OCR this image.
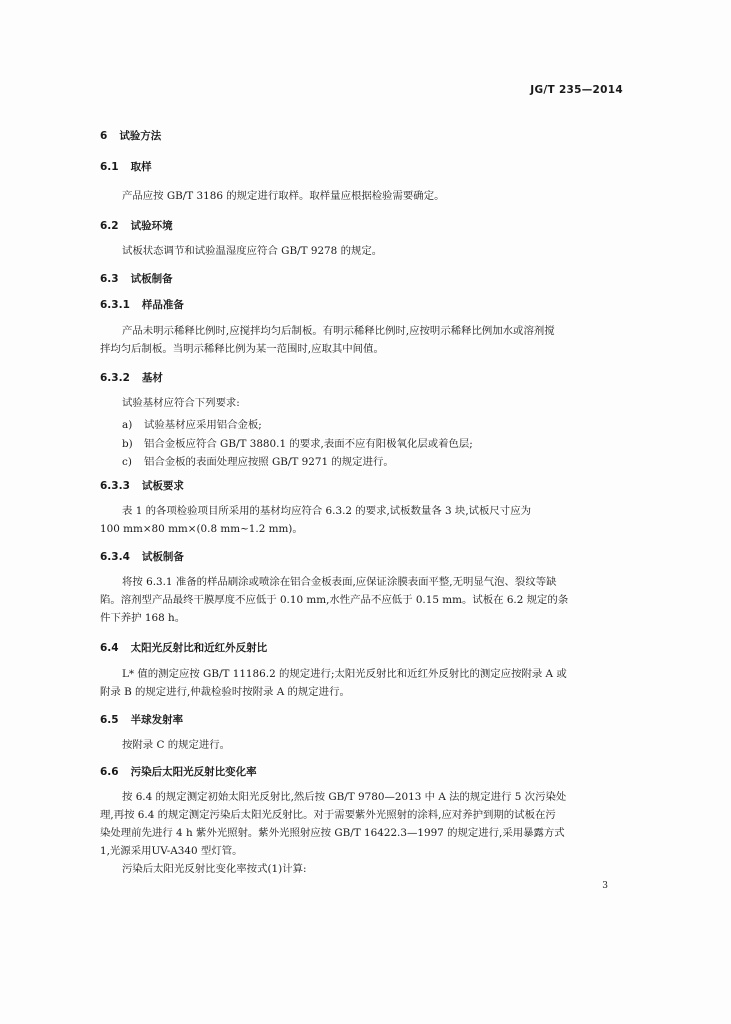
JG/T 235—2014
6 试验方法
6.1 取样
产品应按 GB/T 3186 的规定进行取样。取样量应根据检验需要确定。
6.2 试验环境
试板状态调节和试验温湿度应符合 GB/T 9278 的规定。
6.3 试板制备
6.3.1 样品准备
产品未明示稀释比例时,应搅拌均匀后制板。有明示稀释比例时,应按明示稀释比例加水或溶剂搅
拌均匀后制板。当明示稀释比例为某一范围时,应取其中间值。
6.3.2 基材
试验基材应符合下列要求:
a) 试验基材应采用铝合金板;
b) 铝合金板应符合 GB/T 3880.1 的要求,表面不应有阳极氧化层或着色层;
c) 铝合金板的表面处理应按照 GB/T 9271 的规定进行。
6.3.3 试板要求
表 1 的各项检验项目所采用的基材均应符合 6.3.2 的要求,试板数量各 3 块,试板尺寸应为
100 mm×80 mm×(0.8 mm~1.2 mm)。
6.3.4 试板制备
将按 6.3.1 准备的样品刷涂或喷涂在铝合金板表面,应保证涂膜表面平整,无明显气泡、裂纹等缺
陷。溶剂型产品最终干膜厚度不应低于 0.10 mm,水性产品不应低于 0.15 mm。试板在 6.2 规定的条
件下养护 168 h。
6.4 太阳光反射比和近红外反射比
L* 值的测定应按 GB/T 11186.2 的规定进行;太阳光反射比和近红外反射比的测定应按附录 A 或
附录 B 的规定进行,仲裁检验时按附录 A 的规定进行。
6.5 半球发射率
按附录 C 的规定进行。
6.6 污染后太阳光反射比变化率
按 6.4 的规定测定初始太阳光反射比,然后按 GB/T 9780—2013 中 A 法的规定进行 5 次污染处
理,再按 6.4 的规定测定污染后太阳光反射比。对于需要紫外光照射的涂料,应对养护到期的试板在污
染处理前先进行 4 h 紫外光照射。紫外光照射应按 GB/T 16422.3—1997 的规定进行,采用暴露方式
1,光源采用UV-A340 型灯管。
污染后太阳光反射比变化率按式(1)计算:
3
